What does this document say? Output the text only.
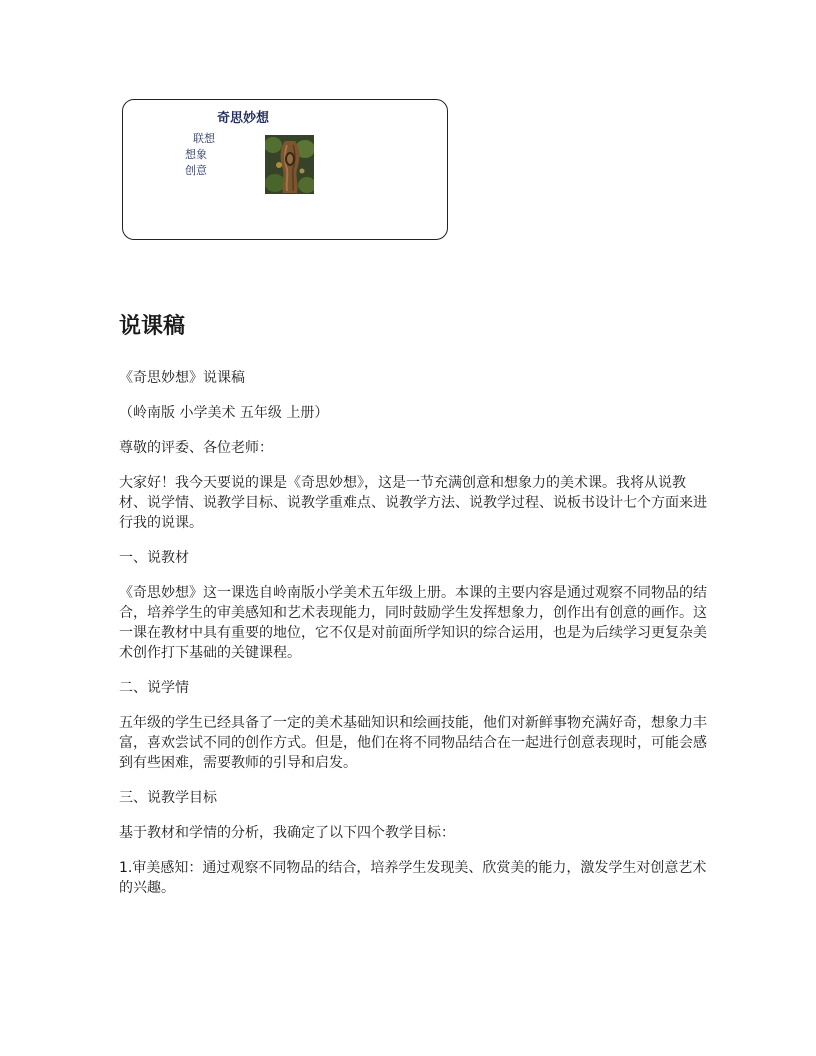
奇思妙想
联想
想象
创意
说课稿

《奇思妙想》说课稿

（岭南版 小学美术 五年级 上册）

尊敬的评委、各位老师：

大家好！我今天要说的课是《奇思妙想》，这是一节充满创意和想象力的美术课。我将从说教材、说学情、说教学目标、说教学重难点、说教学方法、说教学过程、说板书设计七个方面来进行我的说课。

一、说教材

《奇思妙想》这一课选自岭南版小学美术五年级上册。本课的主要内容是通过观察不同物品的结合，培养学生的审美感知和艺术表现能力，同时鼓励学生发挥想象力，创作出有创意的画作。这一课在教材中具有重要的地位，它不仅是对前面所学知识的综合运用，也是为后续学习更复杂美术创作打下基础的关键课程。

二、说学情

五年级的学生已经具备了一定的美术基础知识和绘画技能，他们对新鲜事物充满好奇，想象力丰富，喜欢尝试不同的创作方式。但是，他们在将不同物品结合在一起进行创意表现时，可能会感到有些困难，需要教师的引导和启发。

三、说教学目标

基于教材和学情的分析，我确定了以下四个教学目标：

1.审美感知：通过观察不同物品的结合，培养学生发现美、欣赏美的能力，激发学生对创意艺术的兴趣。
